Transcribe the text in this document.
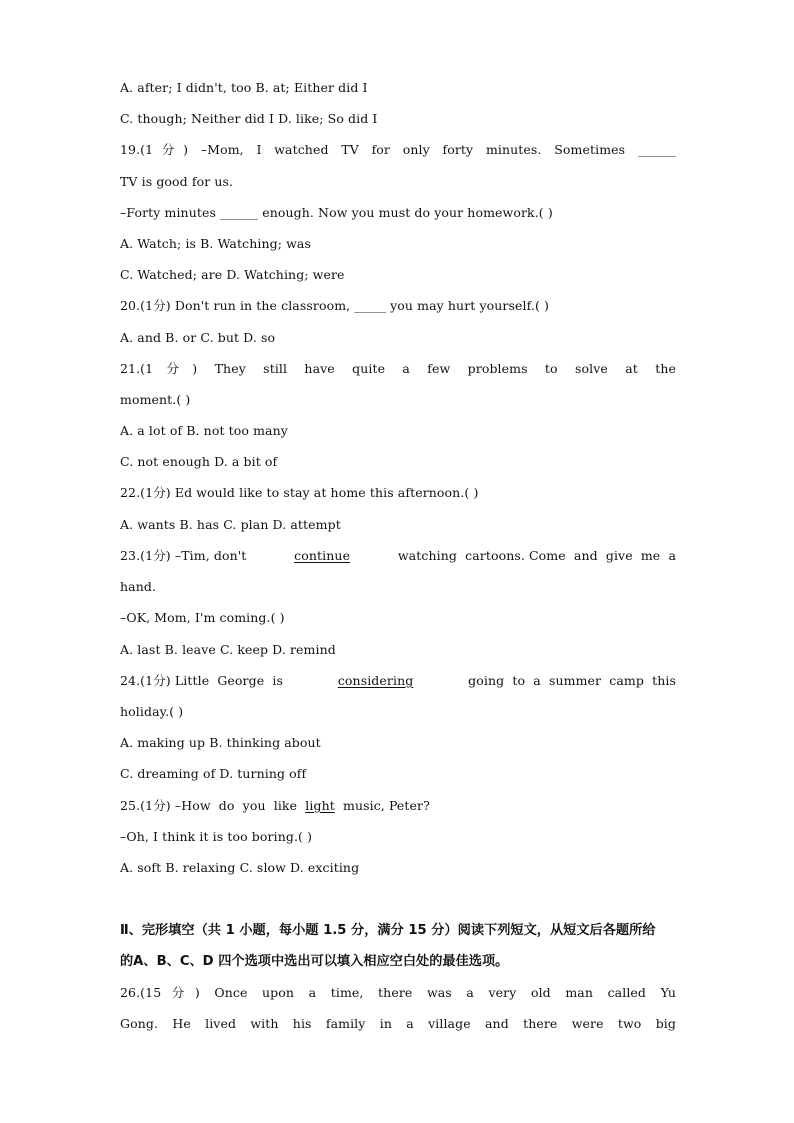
A. after; I didn't, too B. at; Either did I
C. though; Neither did I D. like; So did I
19.(1分) –Mom, I watched TV for only forty minutes. Sometimes ______
TV is good for us.
–Forty minutes ______ enough. Now you must do your homework.( )
A. Watch; is B. Watching; was
C. Watched; are D. Watching; were
20.(1分) Don't run in the classroom, _____ you may hurt yourself.( )
A. and B. or C. but D. so
21.(1分) They still have quite a few problems to solve at the
moment.( )
A. a lot of B. not too many
C. not enough D. a bit of
22.(1分) Ed would like to stay at home this afternoon.( )
A. wants B. has C. plan D. attempt
23.(1分) –Tim, don't	continue	watching  cartoons. Come  and  give  me  a
hand.
–OK, Mom, I'm coming.( )
A. last B. leave C. keep D. remind
24.(1分) Little  George  is	considering	going  to  a  summer  camp  this
holiday.( )
A. making up B. thinking about
C. dreaming of D. turning off
25.(1分) –How  do  you  like  light  music, Peter?
–Oh, I think it is too boring.( )
A. soft B. relaxing C. slow D. exciting
Ⅱ、完形填空（共 1 小题，每小题 1.5 分，满分 15 分）阅读下列短文，从短文后各题所给
的A、B、C、D 四个选项中选出可以填入相应空白处的最佳选项。
26.(15分) Once upon a time, there was a very old man called Yu
Gong. He lived with his family in a village and there were two big
